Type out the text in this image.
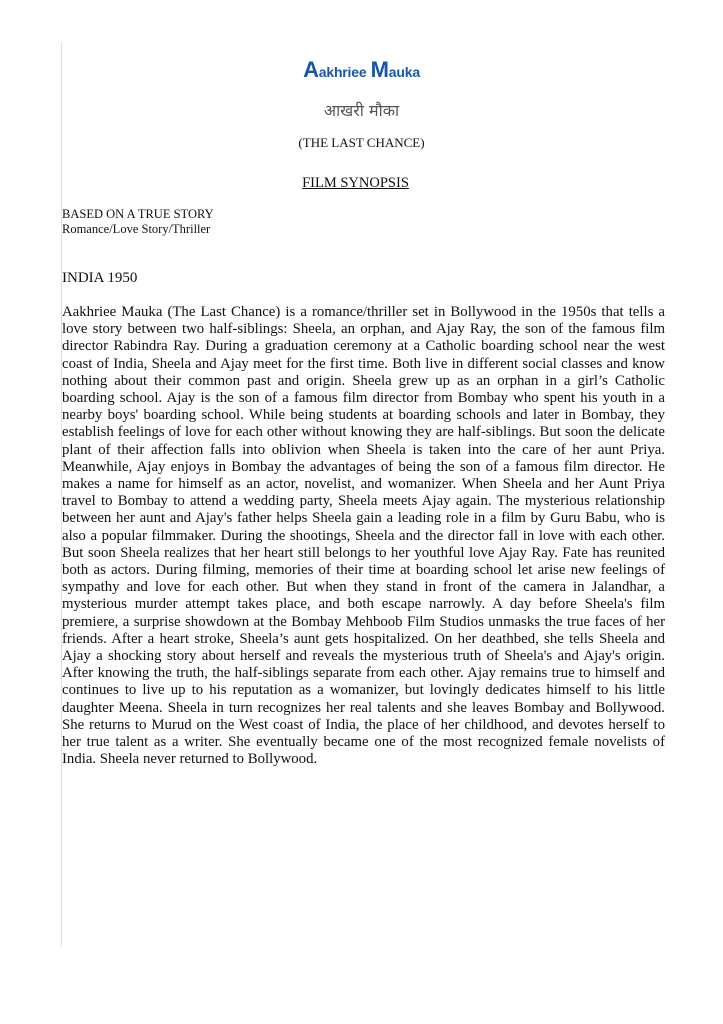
Aakhriee Mauka
आखरी मौका
(THE LAST CHANCE)
FILM SYNOPSIS
BASED ON A TRUE STORY
Romance/Love Story/Thriller
INDIA 1950

Aakhriee Mauka (The Last Chance) is a romance/thriller set in Bollywood in the 1950s that tells a love story between two half-siblings: Sheela, an orphan, and Ajay Ray, the son of the famous film director Rabindra Ray. During a graduation ceremony at a Catholic boarding school near the west coast of India, Sheela and Ajay meet for the first time. Both live in different social classes and know nothing about their common past and origin. Sheela grew up as an orphan in a girl’s Catholic boarding school. Ajay is the son of a famous film director from Bombay who spent his youth in a nearby boys' boarding school. While being students at boarding schools and later in Bombay, they establish feelings of love for each other without knowing they are half-siblings. But soon the delicate plant of their affection falls into oblivion when Sheela is taken into the care of her aunt Priya. Meanwhile, Ajay enjoys in Bombay the advantages of being the son of a famous film director. He makes a name for himself as an actor, novelist, and womanizer. When Sheela and her Aunt Priya travel to Bombay to attend a wedding party, Sheela meets Ajay again. The mysterious relationship between her aunt and Ajay's father helps Sheela gain a leading role in a film by Guru Babu, who is also a popular filmmaker. During the shootings, Sheela and the director fall in love with each other. But soon Sheela realizes that her heart still belongs to her youthful love Ajay Ray. Fate has reunited both as actors. During filming, memories of their time at boarding school let arise new feelings of sympathy and love for each other. But when they stand in front of the camera in Jalandhar, a mysterious murder attempt takes place, and both escape narrowly. A day before Sheela's film premiere, a surprise showdown at the Bombay Mehboob Film Studios unmasks the true faces of her friends. After a heart stroke, Sheela’s aunt gets hospitalized. On her deathbed, she tells Sheela and Ajay a shocking story about herself and reveals the mysterious truth of Sheela's and Ajay's origin. After knowing the truth, the half-siblings separate from each other. Ajay remains true to himself and continues to live up to his reputation as a womanizer, but lovingly dedicates himself to his little daughter Meena. Sheela in turn recognizes her real talents and she leaves Bombay and Bollywood. She returns to Murud on the West coast of India, the place of her childhood, and devotes herself to her true talent as a writer. She eventually became one of the most recognized female novelists of India. Sheela never returned to Bollywood.
